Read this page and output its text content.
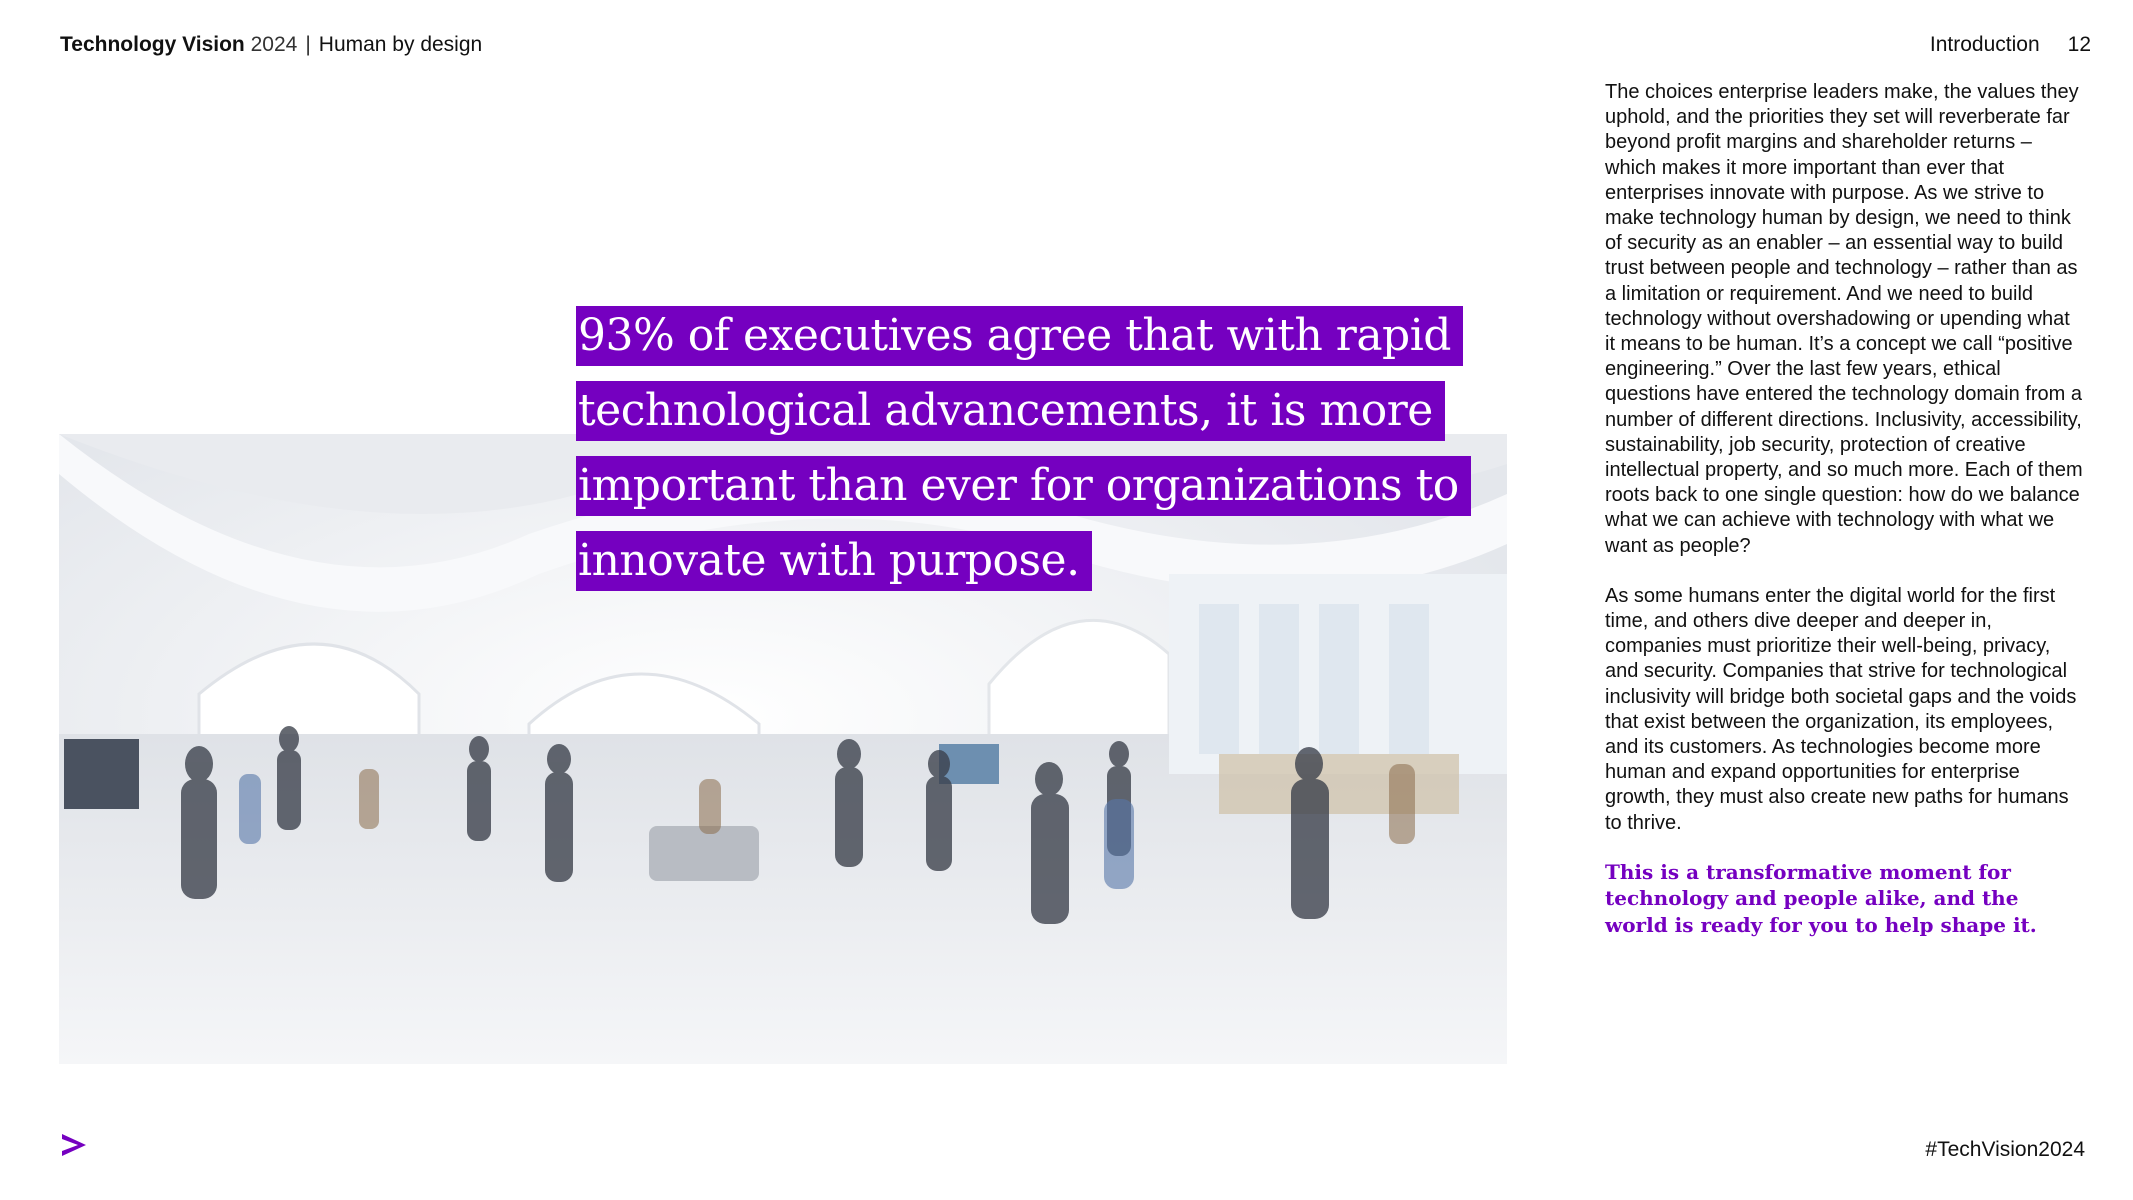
Technology Vision 2024 | Human by design	Introduction 12
93% of executives agree that with rapid
technological advancements, it is more
important than ever for organizations to
innovate with purpose.

The choices enterprise leaders make, the values they uphold, and the priorities they set will reverberate far beyond profit margins and shareholder returns – which makes it more important than ever that enterprises innovate with purpose. As we strive to make technology human by design, we need to think of security as an enabler – an essential way to build trust between people and technology – rather than as a limitation or requirement. And we need to build technology without overshadowing or upending what it means to be human. It’s a concept we call “positive engineering.” Over the last few years, ethical questions have entered the technology domain from a number of different directions. Inclusivity, accessibility, sustainability, job security, protection of creative intellectual property, and so much more. Each of them roots back to one single question: how do we balance what we can achieve with technology with what we want as people?

As some humans enter the digital world for the first time, and others dive deeper and deeper in, companies must prioritize their well-being, privacy, and security. Companies that strive for technological inclusivity will bridge both societal gaps and the voids that exist between the organization, its employees, and its customers. As technologies become more human and expand opportunities for enterprise growth, they must also create new paths for humans to thrive.

This is a transformative moment for technology and people alike, and the world is ready for you to help shape it.

#TechVision2024
